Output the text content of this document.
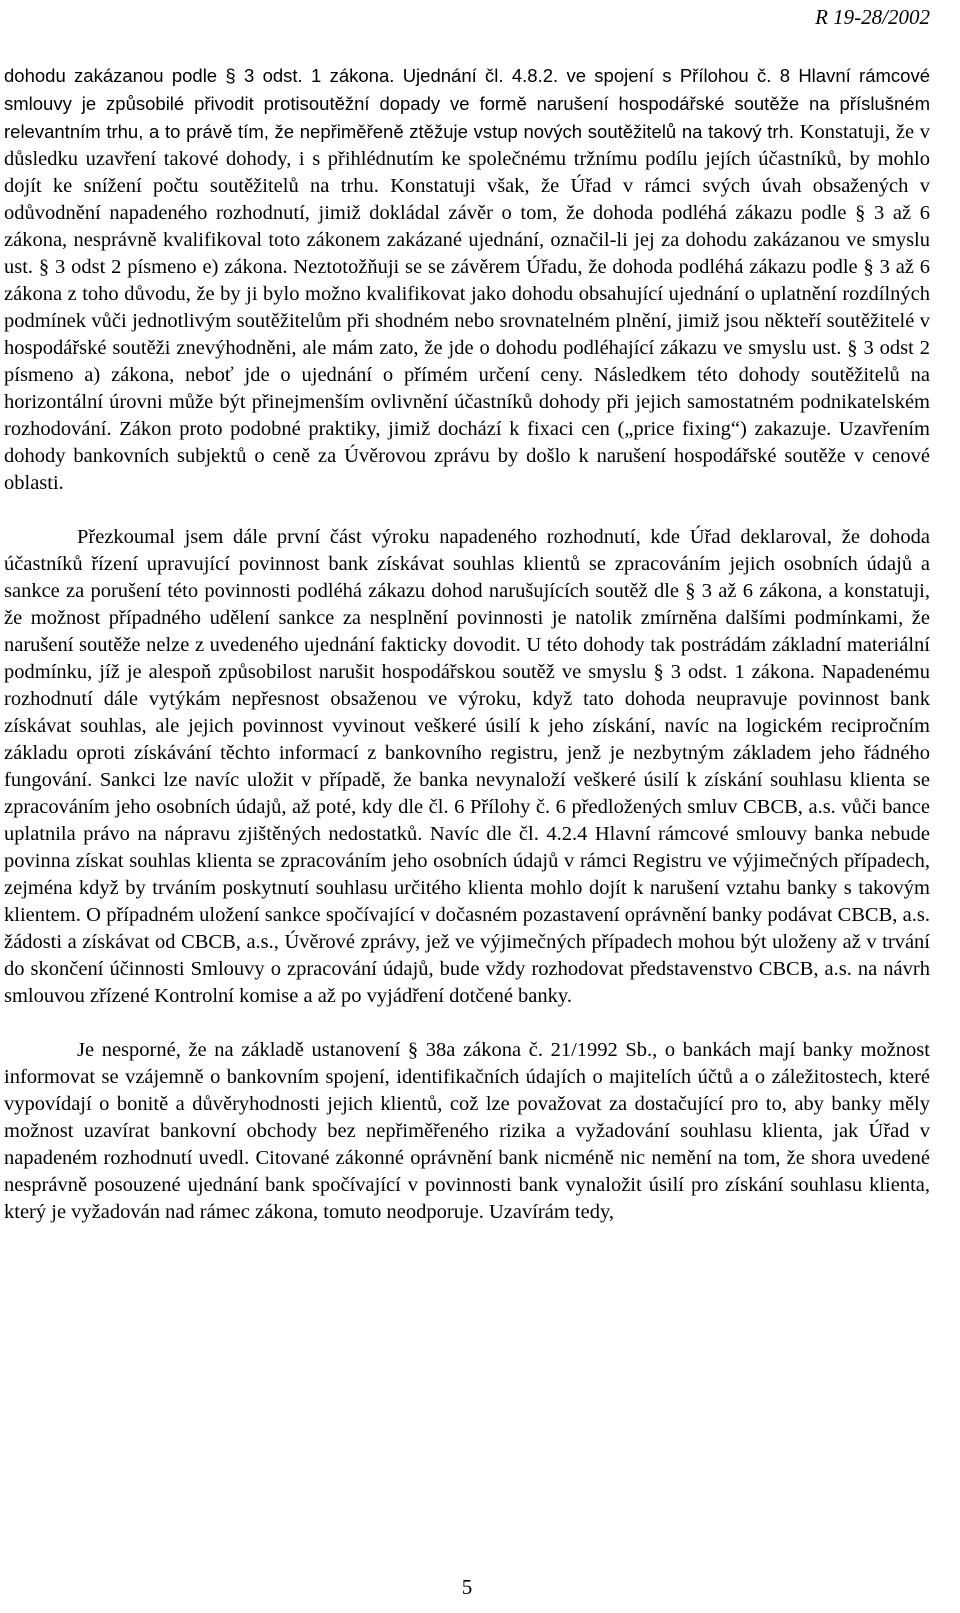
R 19-28/2002

dohodu zakázanou podle § 3 odst. 1 zákona. Ujednání čl. 4.8.2. ve spojení s Přílohou č. 8 Hlavní rámcové smlouvy je způsobilé přivodit protisoutěžní dopady ve formě narušení hospodářské soutěže na příslušném relevantním trhu, a to právě tím, že nepřiměřeně ztěžuje vstup nových soutěžitelů na takový trh. Konstatuji, že v důsledku uzavření takové dohody, i s přihlédnutím ke společnému tržnímu podílu jejích účastníků, by mohlo dojít ke snížení počtu soutěžitelů na trhu. Konstatuji však, že Úřad v rámci svých úvah obsažených v odůvodnění napadeného rozhodnutí, jimiž dokládal závěr o tom, že dohoda podléhá zákazu podle § 3 až 6 zákona, nesprávně kvalifikoval toto zákonem zakázané ujednání, označil-li jej za dohodu zakázanou ve smyslu ust. § 3 odst 2 písmeno e) zákona. Neztotožňuji se se závěrem Úřadu, že dohoda podléhá zákazu podle § 3 až 6 zákona z toho důvodu, že by ji bylo možno kvalifikovat jako dohodu obsahující ujednání o uplatnění rozdílných podmínek vůči jednotlivým soutěžitelům při shodném nebo srovnatelném plnění, jimiž jsou někteří soutěžitelé v hospodářské soutěži znevýhodněni, ale mám zato, že jde o dohodu podléhající zákazu ve smyslu ust. § 3 odst 2 písmeno a) zákona, neboť jde o ujednání o přímém určení ceny. Následkem této dohody soutěžitelů na horizontální úrovni může být přinejmenším ovlivnění účastníků dohody při jejich samostatném podnikatelském rozhodování. Zákon proto podobné praktiky, jimiž dochází k fixaci cen („price fixing“) zakazuje. Uzavřením dohody bankovních subjektů o ceně za Úvěrovou zprávu by došlo k narušení hospodářské soutěže v cenové oblasti.

Přezkoumal jsem dále první část výroku napadeného rozhodnutí, kde Úřad deklaroval, že dohoda účastníků řízení upravující povinnost bank získávat souhlas klientů se zpracováním jejich osobních údajů a sankce za porušení této povinnosti podléhá zákazu dohod narušujících soutěž dle § 3 až 6 zákona, a konstatuji, že možnost případného udělení sankce za nesplnění povinnosti je natolik zmírněna dalšími podmínkami, že narušení soutěže nelze z uvedeného ujednání fakticky dovodit. U této dohody tak postrádám základní materiální podmínku, jíž je alespoň způsobilost narušit hospodářskou soutěž ve smyslu § 3 odst. 1 zákona. Napadenému rozhodnutí dále vytýkám nepřesnost obsaženou ve výroku, když tato dohoda neupravuje povinnost bank získávat souhlas, ale jejich povinnost vyvinout veškeré úsilí k jeho získání, navíc na logickém recipročním základu oproti získávání těchto informací z bankovního registru, jenž je nezbytným základem jeho řádného fungování. Sankci lze navíc uložit v případě, že banka nevynaloží veškeré úsilí k získání souhlasu klienta se zpracováním jeho osobních údajů, až poté, kdy dle čl. 6 Přílohy č. 6 předložených smluv CBCB, a.s. vůči bance uplatnila právo na nápravu zjištěných nedostatků. Navíc dle čl. 4.2.4 Hlavní rámcové smlouvy banka nebude povinna získat souhlas klienta se zpracováním jeho osobních údajů v rámci Registru ve výjimečných případech, zejména když by trváním poskytnutí souhlasu určitého klienta mohlo dojít k narušení vztahu banky s takovým klientem. O případném uložení sankce spočívající v dočasném pozastavení oprávnění banky podávat CBCB, a.s. žádosti a získávat od CBCB, a.s., Úvěrové zprávy, jež ve výjimečných případech mohou být uloženy až v trvání do skončení účinnosti Smlouvy o zpracování údajů, bude vždy rozhodovat představenstvo CBCB, a.s. na návrh smlouvou zřízené Kontrolní komise a až po vyjádření dotčené banky.

Je nesporné, že na základě ustanovení § 38a zákona č. 21/1992 Sb., o bankách mají banky možnost informovat se vzájemně o bankovním spojení, identifikačních údajích o majitelích účtů a o záležitostech, které vypovídají o bonitě a důvěryhodnosti jejich klientů, což lze považovat za dostačující pro to, aby banky měly možnost uzavírat bankovní obchody bez nepřiměřeného rizika a vyžadování souhlasu klienta, jak Úřad v napadeném rozhodnutí uvedl. Citované zákonné oprávnění bank nicméně nic nemění na tom, že shora uvedené nesprávně posouzené ujednání bank spočívající v povinnosti bank vynaložit úsilí pro získání souhlasu klienta, který je vyžadován nad rámec zákona, tomuto neodporuje. Uzavírám tedy,

5
